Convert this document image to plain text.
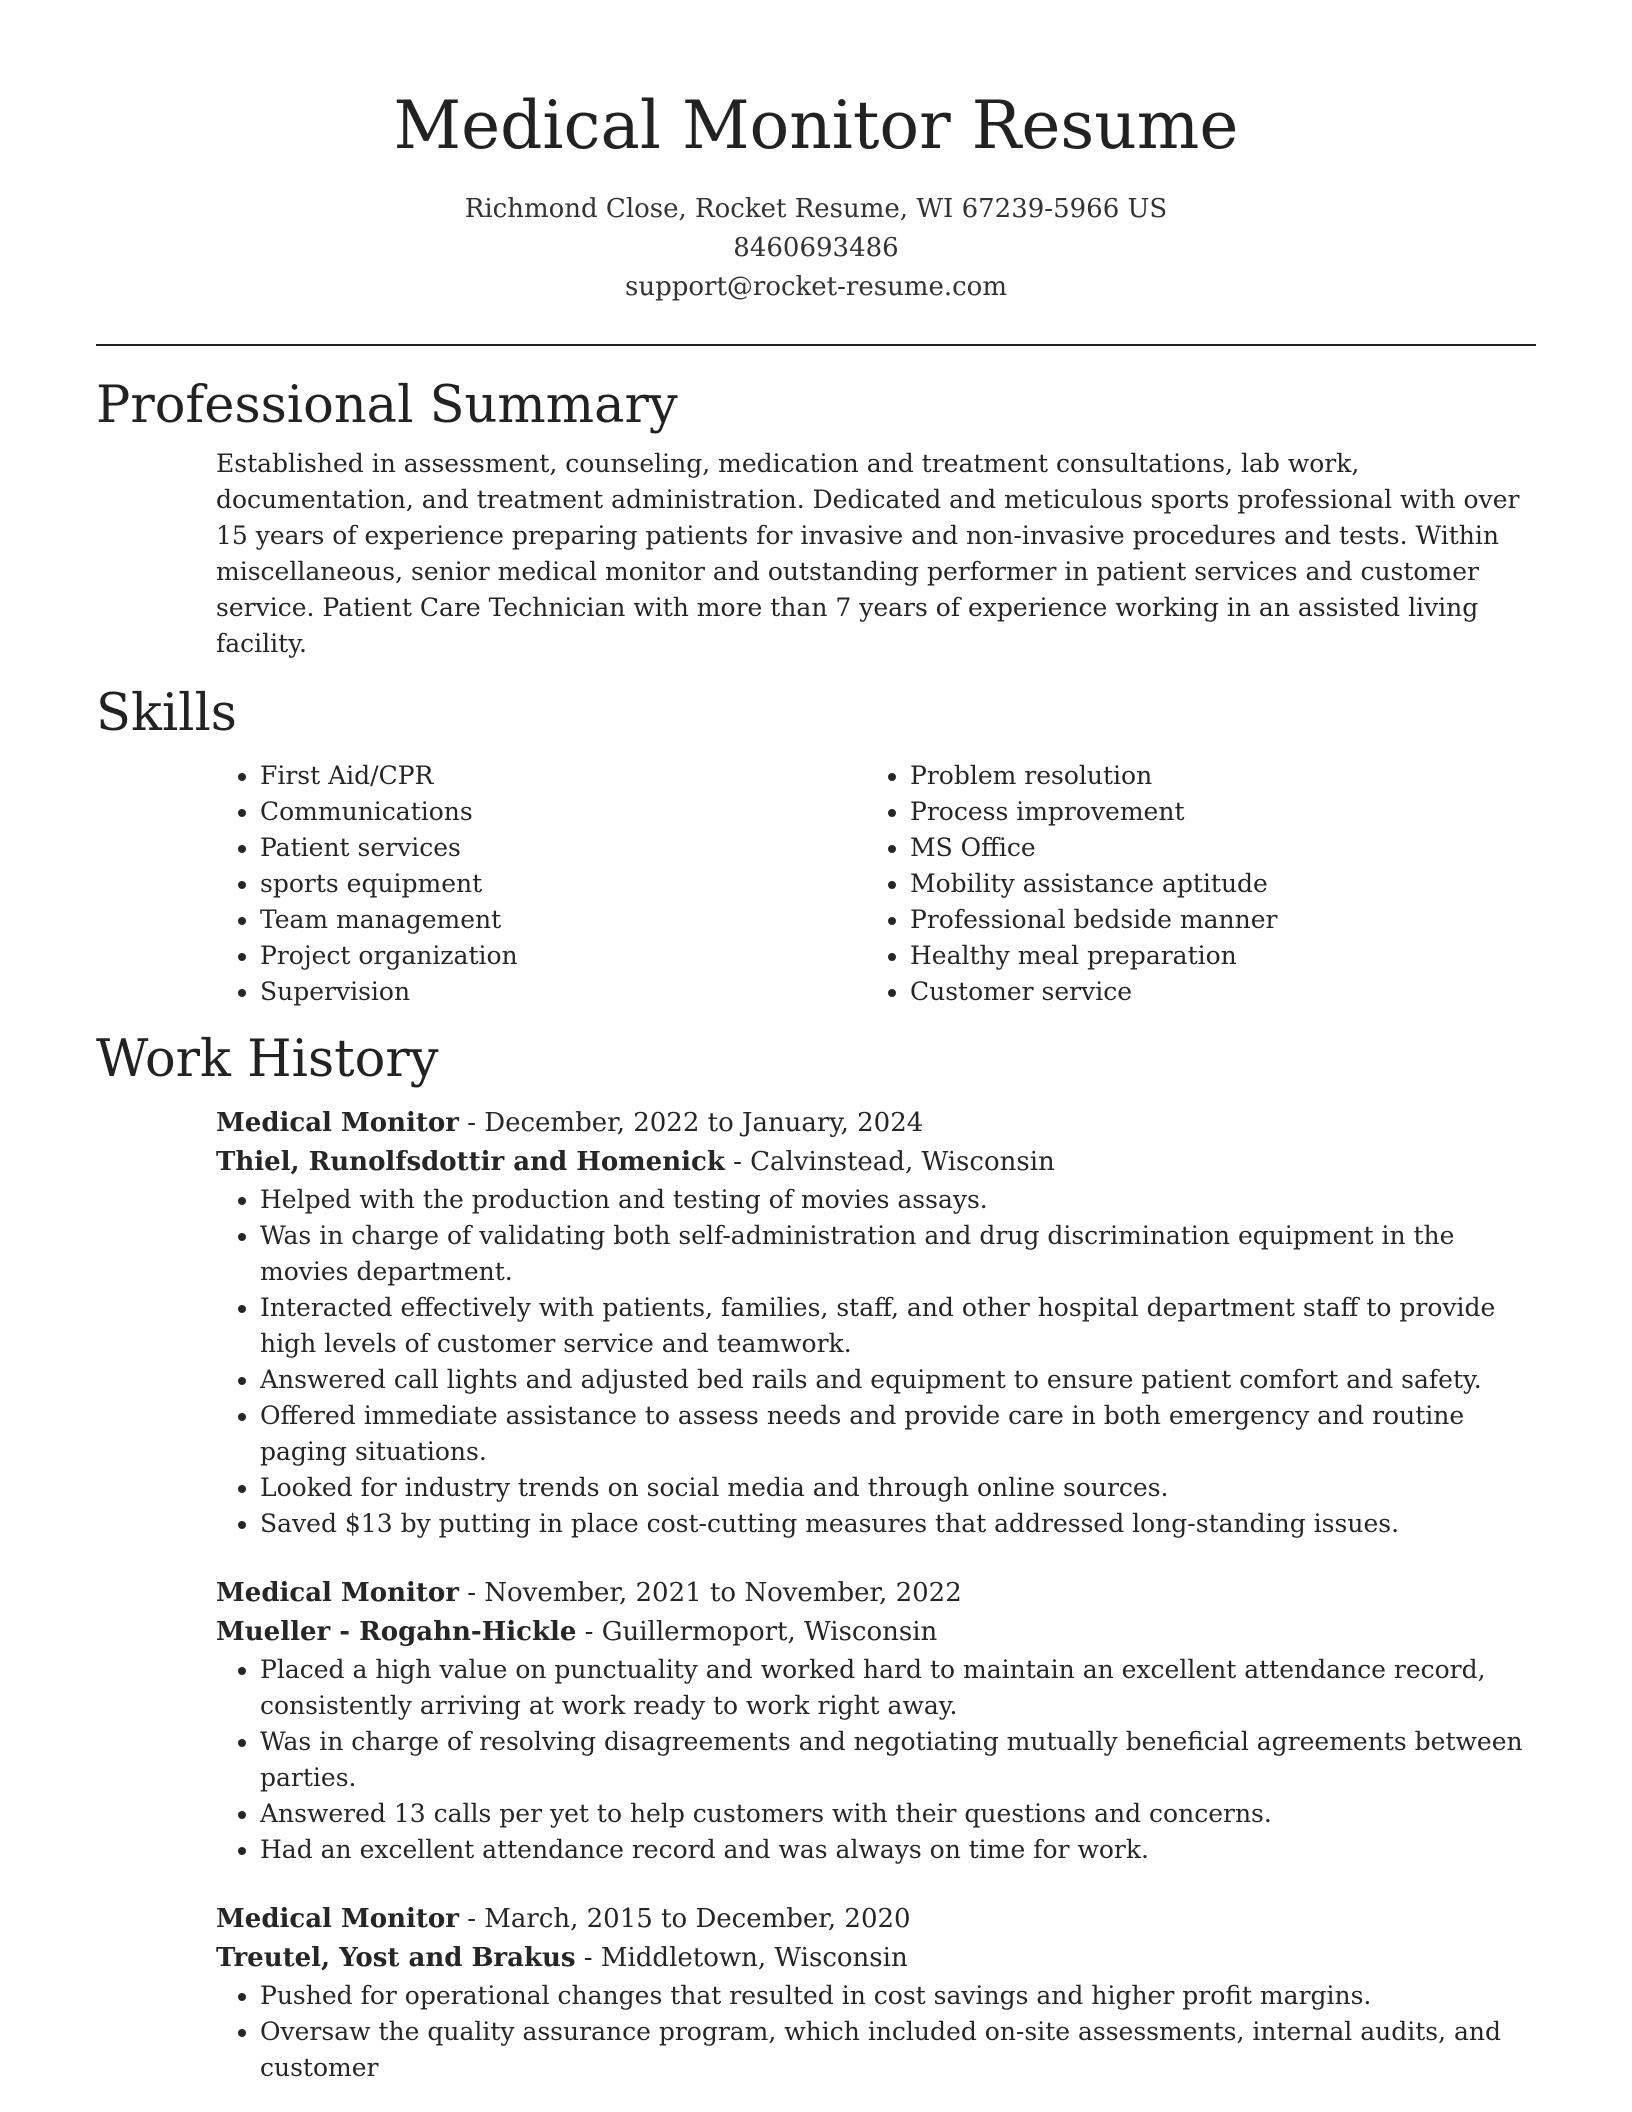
Medical Monitor Resume

Richmond Close, Rocket Resume, WI 67239-5966 US

8460693486

support@rocket-resume.com

Professional Summary

Established in assessment, counseling, medication and treatment consultations, lab work, documentation, and treatment administration. Dedicated and meticulous sports professional with over 15 years of experience preparing patients for invasive and non-invasive procedures and tests. Within miscellaneous, senior medical monitor and outstanding performer in patient services and customer service. Patient Care Technician with more than 7 years of experience working in an assisted living facility.

Skills
• First Aid/CPR
• Communications
• Patient services
• sports equipment
• Team management
• Project organization
• Supervision
• Problem resolution
• Process improvement
• MS Office
• Mobility assistance aptitude
• Professional bedside manner
• Healthy meal preparation
• Customer service
Work History

Medical Monitor - December, 2022 to January, 2024

Thiel, Runolfsdottir and Homenick - Calvinstead, Wisconsin

• Helped with the production and testing of movies assays.
• Was in charge of validating both self-administration and drug discrimination equipment in the movies department.
• Interacted effectively with patients, families, staff, and other hospital department staff to provide high levels of customer service and teamwork.
• Answered call lights and adjusted bed rails and equipment to ensure patient comfort and safety.
• Offered immediate assistance to assess needs and provide care in both emergency and routine paging situations.
• Looked for industry trends on social media and through online sources.
• Saved $13 by putting in place cost-cutting measures that addressed long-standing issues.

Medical Monitor - November, 2021 to November, 2022

Mueller - Rogahn-Hickle - Guillermoport, Wisconsin

• Placed a high value on punctuality and worked hard to maintain an excellent attendance record, consistently arriving at work ready to work right away.
• Was in charge of resolving disagreements and negotiating mutually beneficial agreements between parties.
• Answered 13 calls per yet to help customers with their questions and concerns.
• Had an excellent attendance record and was always on time for work.

Medical Monitor - March, 2015 to December, 2020

Treutel, Yost and Brakus - Middletown, Wisconsin

• Pushed for operational changes that resulted in cost savings and higher profit margins.
• Oversaw the quality assurance program, which included on-site assessments, internal audits, and customer
